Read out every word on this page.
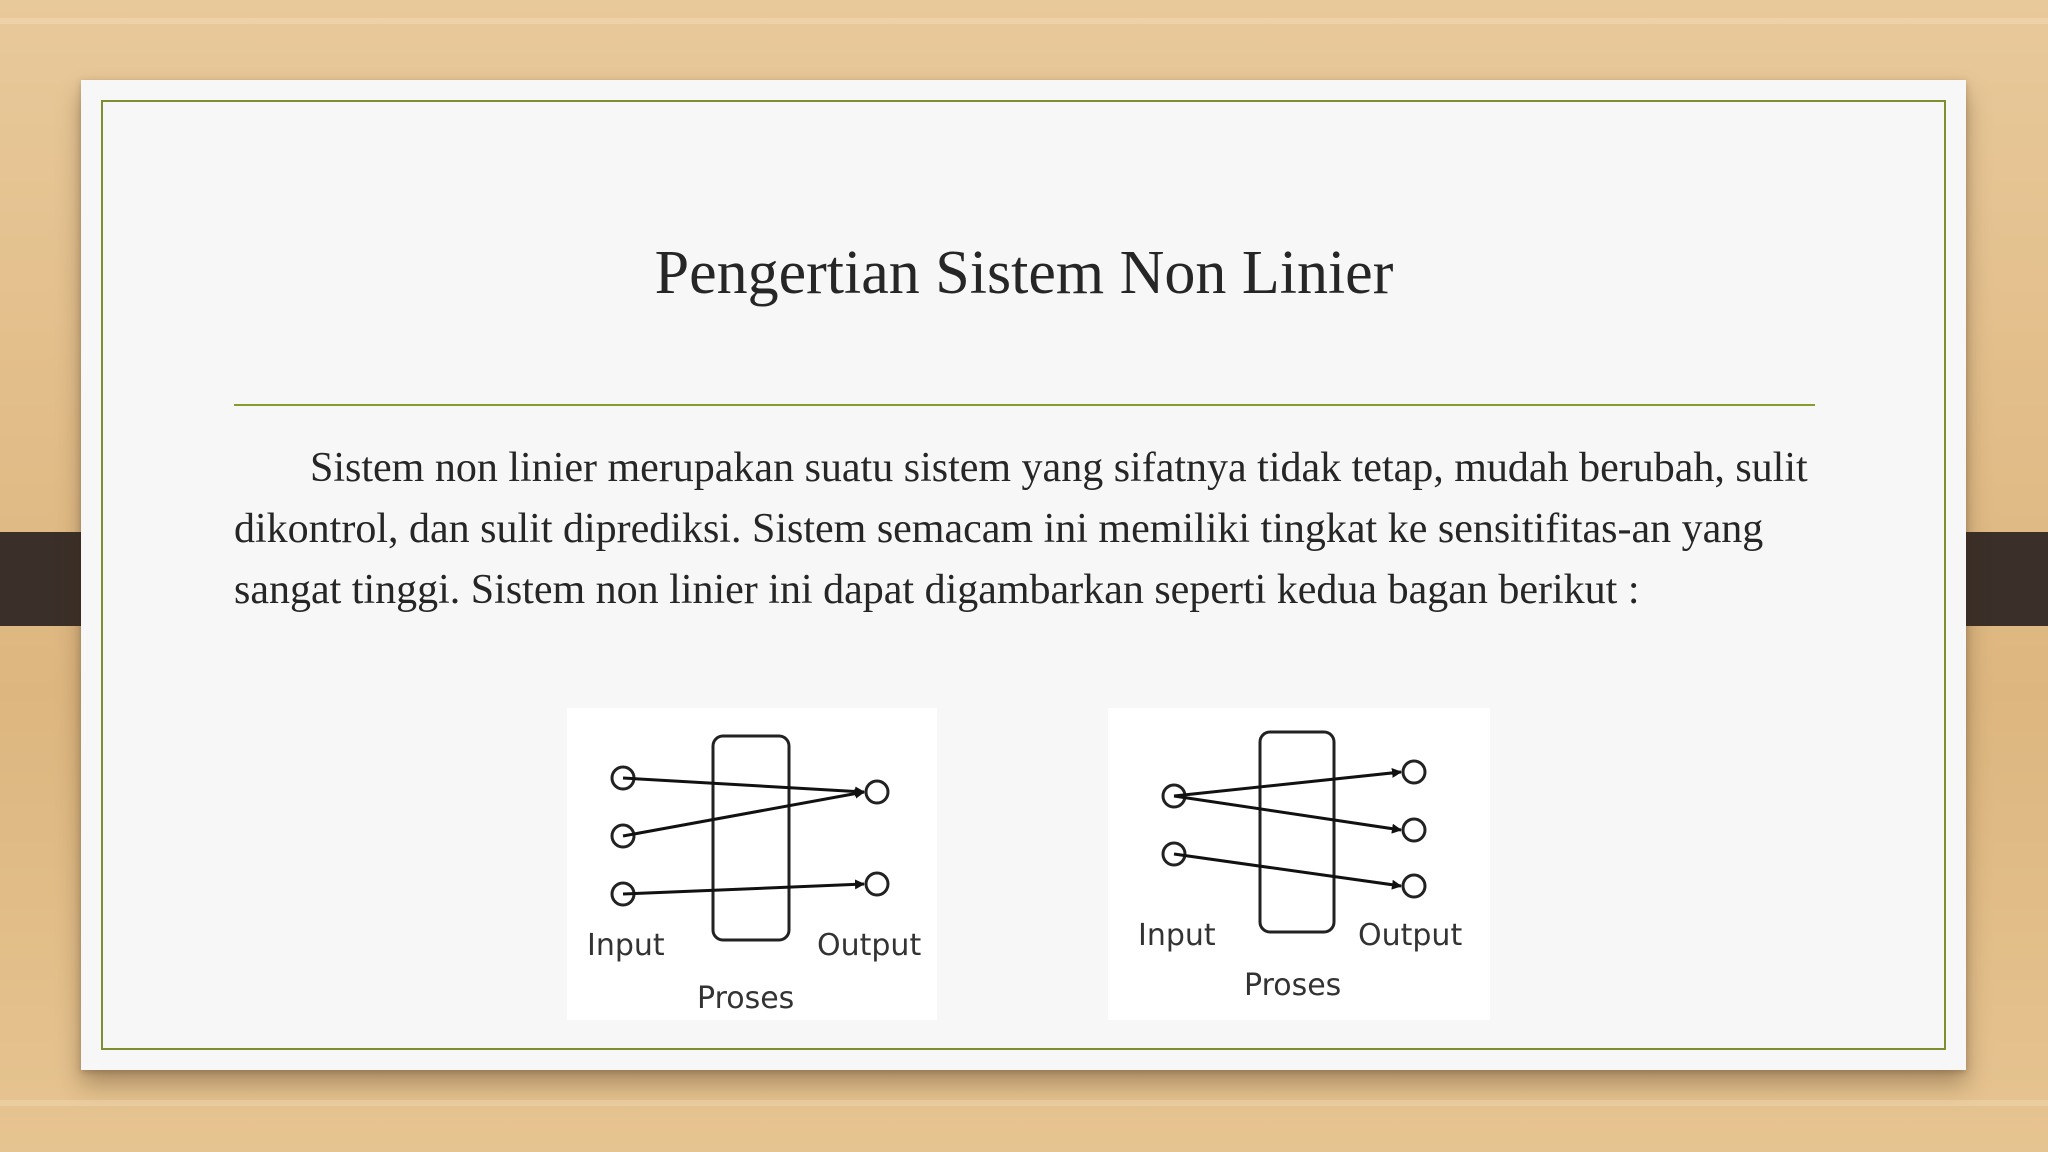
Pengertian Sistem Non Linier
Sistem non linier merupakan suatu sistem yang sifatnya tidak tetap, mudah berubah, sulit dikontrol, dan sulit diprediksi. Sistem semacam ini memiliki tingkat ke sensitifitas-an yang sangat tinggi. Sistem non linier ini dapat digambarkan seperti kedua bagan berikut :
Input	Output
Proses
Input	Output
Proses
